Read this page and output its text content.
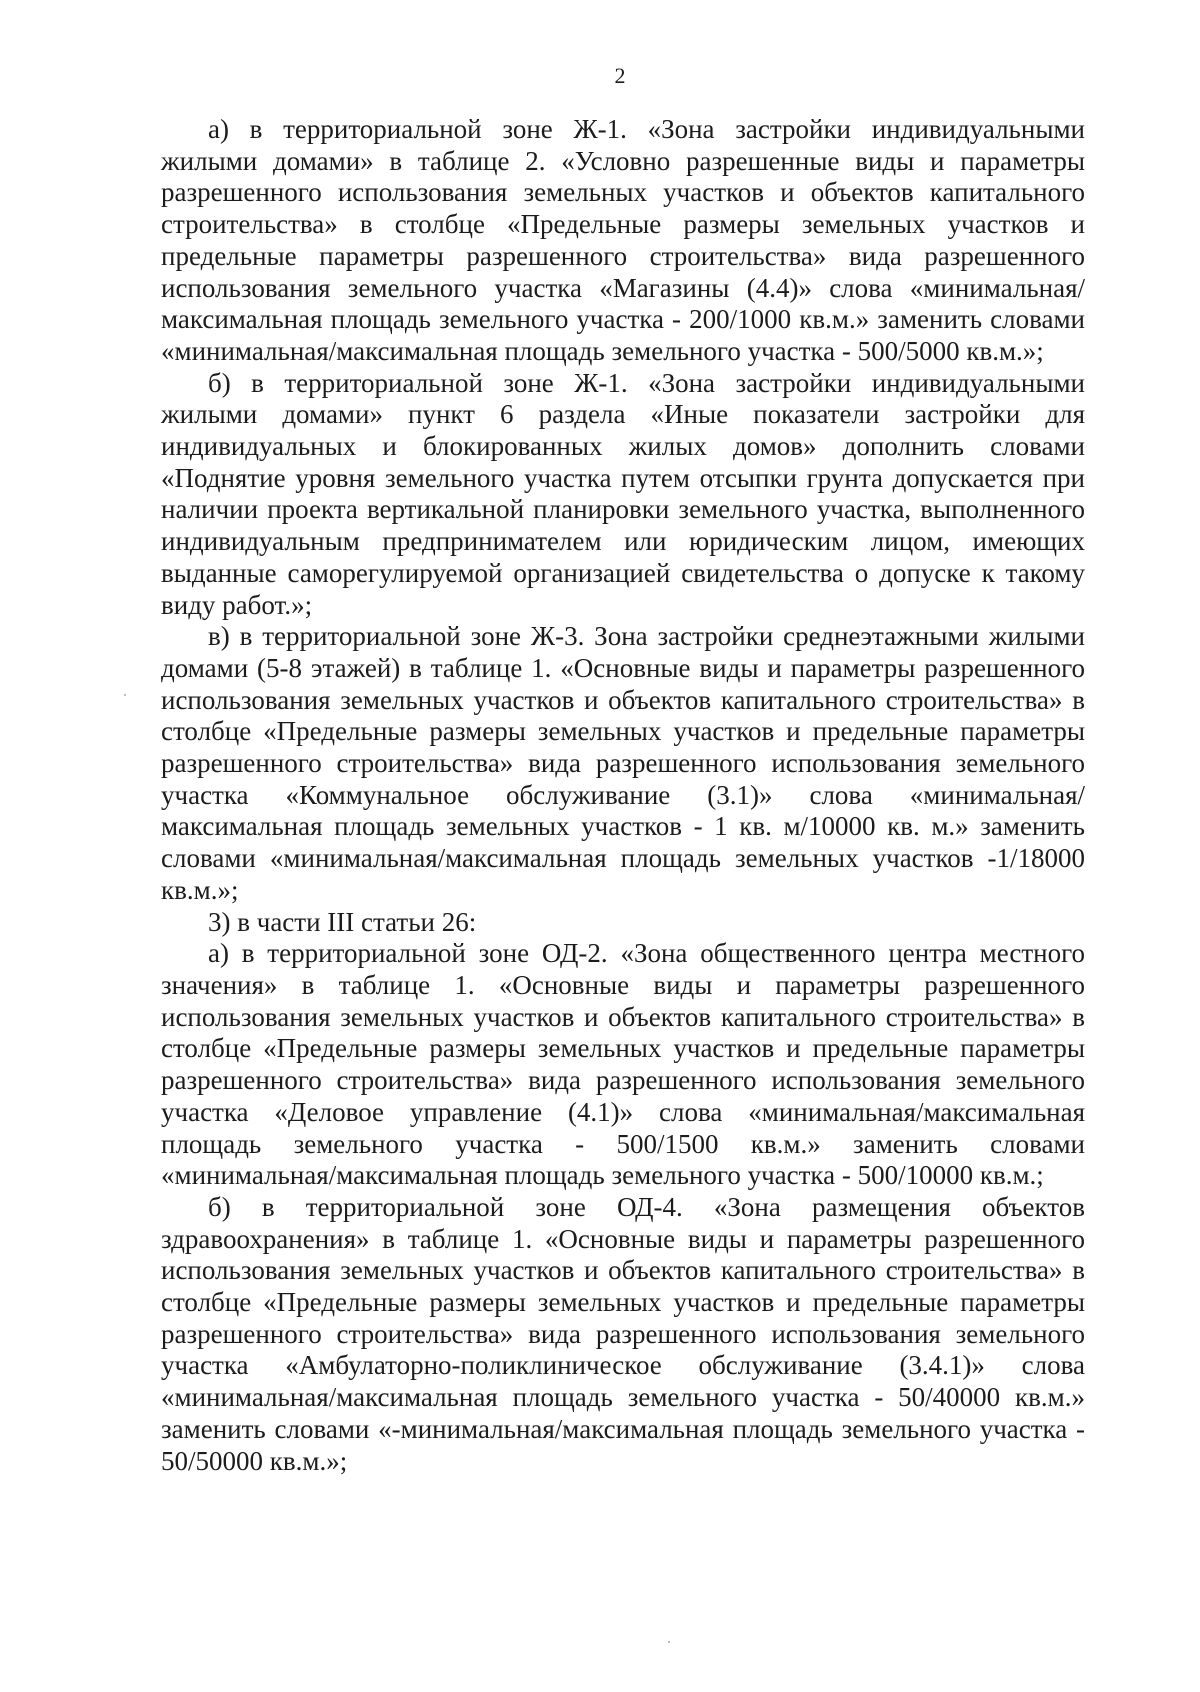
2

а) в территориальной зоне Ж-1. «Зона застройки индивидуальными жилыми домами» в таблице 2. «Условно разрешенные виды и параметры разрешенного использования земельных участков и объектов капитального строительства» в столбце «Предельные размеры земельных участков и предельные параметры разрешенного строительства» вида разрешенного использования земельного участка «Магазины (4.4)» слова «минимальная/максимальная площадь земельного участка - 200/1000 кв.м.» заменить словами «минимальная/максимальная площадь земельного участка - 500/5000 кв.м.»;

б) в территориальной зоне Ж-1. «Зона застройки индивидуальными жилыми домами» пункт 6 раздела «Иные показатели застройки для индивидуальных и блокированных жилых домов» дополнить словами «Поднятие уровня земельного участка путем отсыпки грунта допускается при наличии проекта вертикальной планировки земельного участка, выполненного индивидуальным предпринимателем или юридическим лицом, имеющих выданные саморегулируемой организацией свидетельства о допуске к такому виду работ.»;

в) в территориальной зоне Ж-3. Зона застройки среднеэтажными жилыми домами (5-8 этажей) в таблице 1. «Основные виды и параметры разрешенного использования земельных участков и объектов капитального строительства» в столбце «Предельные размеры земельных участков и предельные параметры разрешенного строительства» вида разрешенного использования земельного участка «Коммунальное обслуживание (3.1)» слова «минимальная/максимальная площадь земельных участков - 1 кв. м/10000 кв. м.» заменить словами «минимальная/максимальная площадь земельных участков -1/18000 кв.м.»;

3) в части III статьи 26:

а) в территориальной зоне ОД-2. «Зона общественного центра местного значения» в таблице 1. «Основные виды и параметры разрешенного использования земельных участков и объектов капитального строительства» в столбце «Предельные размеры земельных участков и предельные параметры разрешенного строительства» вида разрешенного использования земельного участка «Деловое управление (4.1)» слова «минимальная/максимальная площадь земельного участка - 500/1500 кв.м.» заменить словами «минимальная/максимальная площадь земельного участка - 500/10000 кв.м.;

б) в территориальной зоне ОД-4. «Зона размещения объектов здравоохранения» в таблице 1. «Основные виды и параметры разрешенного использования земельных участков и объектов капитального строительства» в столбце «Предельные размеры земельных участков и предельные параметры разрешенного строительства» вида разрешенного использования земельного участка «Амбулаторно-поликлиническое обслуживание (3.4.1)» слова «минимальная/максимальная площадь земельного участка - 50/40000 кв.м.» заменить словами «-минимальная/максимальная площадь земельного участка - 50/50000 кв.м.»;
